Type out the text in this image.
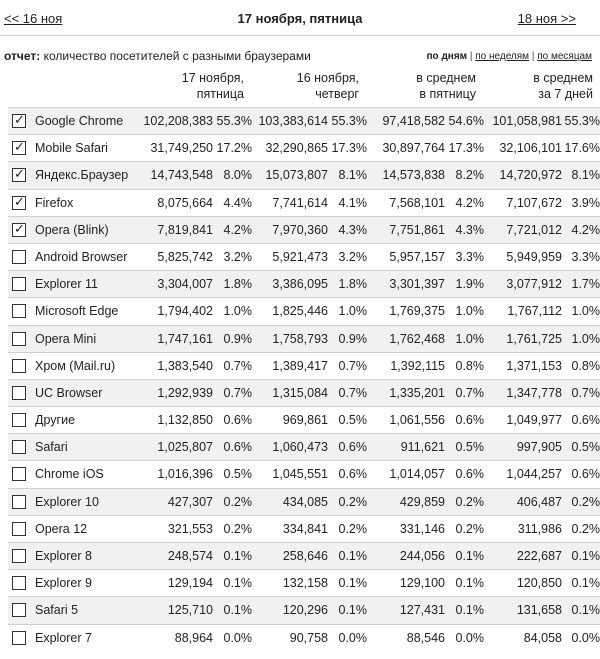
<< 16 ноя	17 ноября, пятница	18 ноя >>
отчет: количество посетителей с разными браузерами	по дням | по неделям | по месяцам
17 ноября,
пятница
16 ноября,
четверг
в среднем
в пятницу
в среднем
за 7 дней
✓ Google Chrome 102,208,383 55.3% 103,383,614 55.3% 97,418,582 54.6% 101,058,981 55.3%
✓ Mobile Safari	31,749,250 17.2% 32,290,865 17.3% 30,897,764 17.3% 32,106,101 17.6%
✓ Яндекс.Браузер 14,743,548 8.0% 15,073,807 8.1% 14,573,838 8.2% 14,720,972 8.1%
✓ Firefox	8,075,664 4.4% 7,741,614 4.1% 7,568,101 4.2% 7,107,672 3.9%
✓ Opera (Blink)	7,819,841 4.2% 7,970,360 4.3% 7,751,861 4.3% 7,721,012 4.2%
Android Browser 5,825,742 3.2% 5,921,473 3.2% 5,957,157 3.3% 5,949,959 3.3%
Explorer 11	3,304,007 1.8% 3,386,095 1.8% 3,301,397 1.9% 3,077,912 1.7%
Microsoft Edge	1,794,402 1.0% 1,825,446 1.0% 1,769,375 1.0% 1,767,112 1.0%
Opera Mini	1,747,161 0.9% 1,758,793 0.9% 1,762,468 1.0% 1,761,725 1.0%
Хром (Mail.ru)	1,383,540 0.7% 1,389,417 0.7% 1,392,115 0.8% 1,371,153 0.8%
UC Browser	1,292,939 0.7% 1,315,084 0.7% 1,335,201 0.7% 1,347,778 0.7%
Другие	1,132,850 0.6% 969,861 0.5% 1,061,556 0.6% 1,049,977 0.6%
Safari	1,025,807 0.6% 1,060,473 0.6%	911,621 0.5%	997,905 0.5%
Chrome iOS	1,016,396 0.5% 1,045,551 0.6% 1,014,057 0.6% 1,044,257 0.6%
Explorer 10	427,307 0.2% 434,085 0.2%	429,859 0.2%	406,487 0.2%
Opera 12	321,553 0.2% 334,841 0.2%	331,146 0.2%	311,986 0.2%
Explorer 8	248,574 0.1% 258,646 0.1%	244,056 0.1%	222,687 0.1%
Explorer 9	129,194 0.1% 132,158 0.1%	129,100 0.1%	120,850 0.1%
Safari 5	125,710 0.1% 120,296 0.1%	127,431 0.1%	131,658 0.1%
Explorer 7	88,964 0.0%	90,758 0.0%	88,546 0.0%	84,058 0.0%
